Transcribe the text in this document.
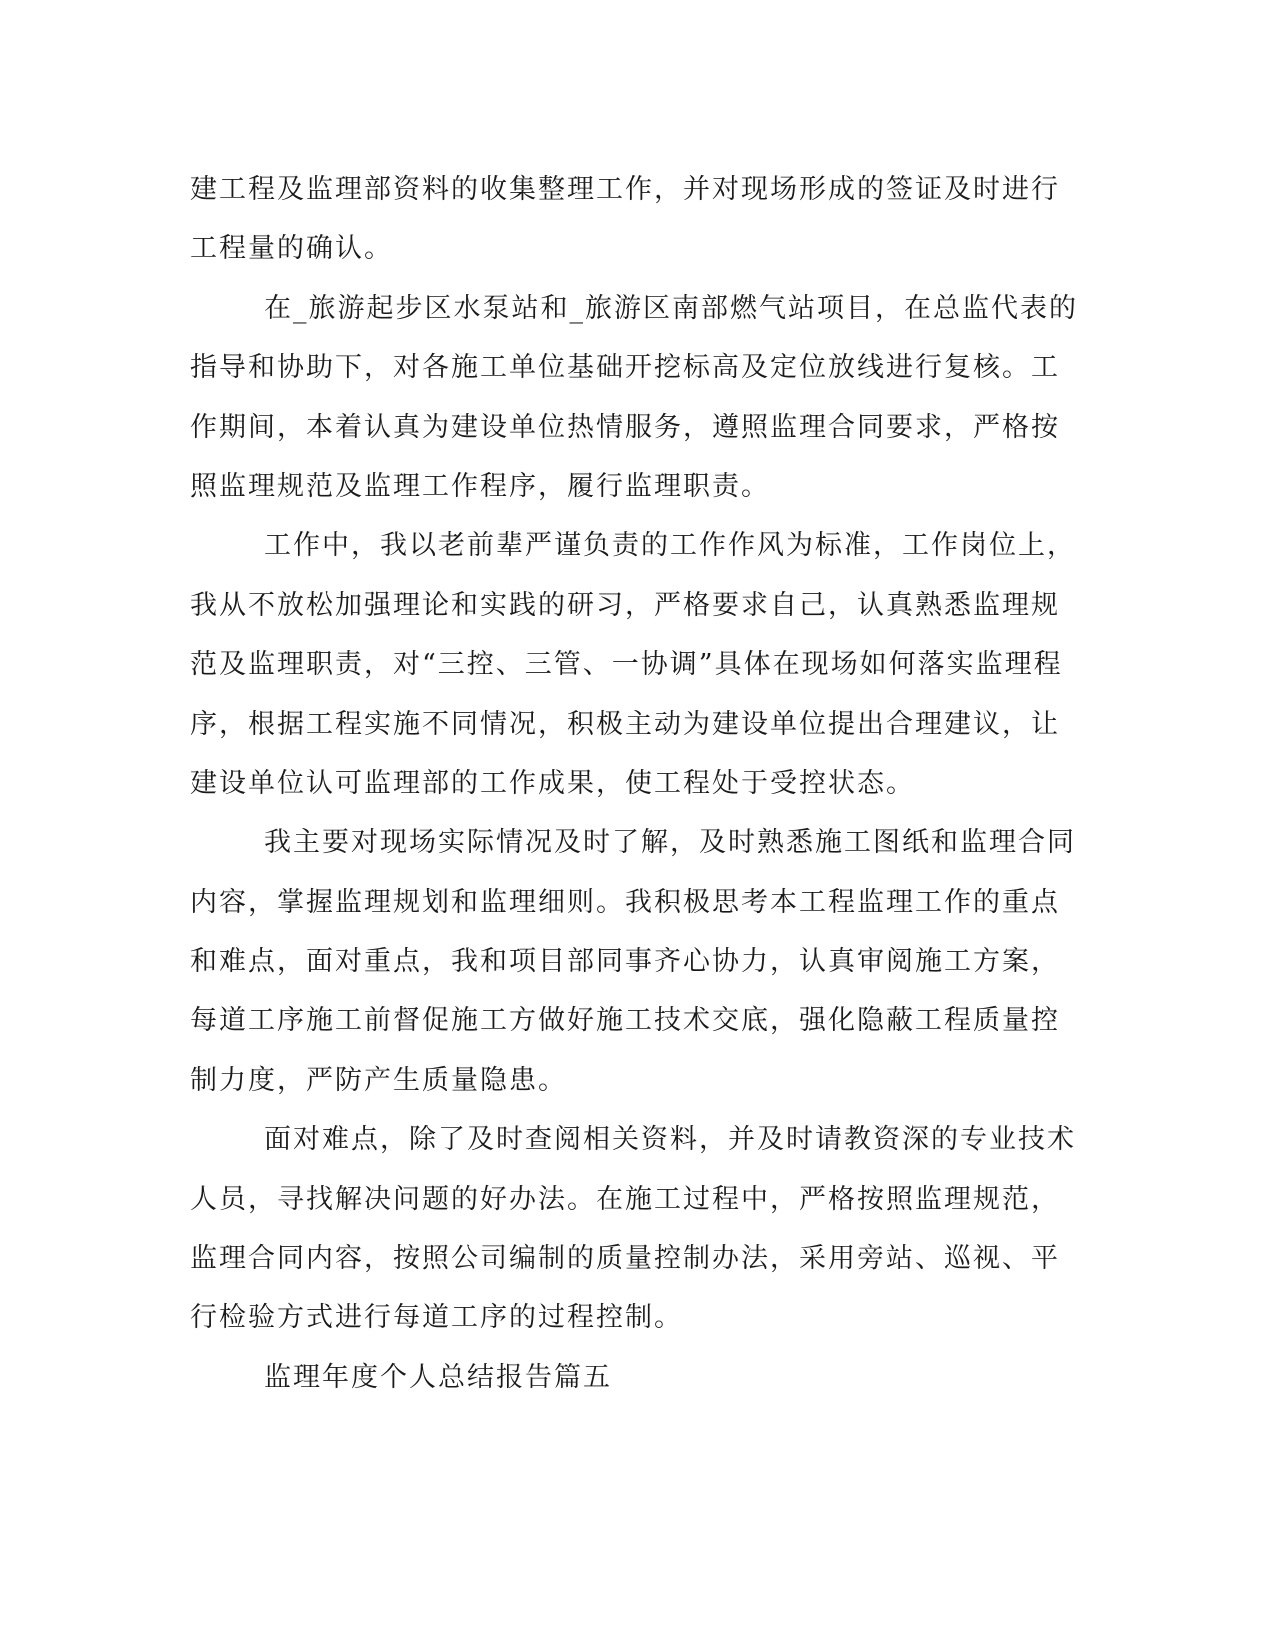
建工程及监理部资料的收集整理工作，并对现场形成的签证及时进行
工程量的确认。
在_旅游起步区水泵站和_旅游区南部燃气站项目，在总监代表的
指导和协助下，对各施工单位基础开挖标高及定位放线进行复核。工
作期间，本着认真为建设单位热情服务，遵照监理合同要求，严格按
照监理规范及监理工作程序，履行监理职责。
工作中，我以老前辈严谨负责的工作作风为标准，工作岗位上，
我从不放松加强理论和实践的研习，严格要求自己，认真熟悉监理规
范及监理职责，对“三控、三管、一协调”具体在现场如何落实监理程
序，根据工程实施不同情况，积极主动为建设单位提出合理建议，让
建设单位认可监理部的工作成果，使工程处于受控状态。
我主要对现场实际情况及时了解，及时熟悉施工图纸和监理合同
内容，掌握监理规划和监理细则。我积极思考本工程监理工作的重点
和难点，面对重点，我和项目部同事齐心协力，认真审阅施工方案，
每道工序施工前督促施工方做好施工技术交底，强化隐蔽工程质量控
制力度，严防产生质量隐患。
面对难点，除了及时查阅相关资料，并及时请教资深的专业技术
人员，寻找解决问题的好办法。在施工过程中，严格按照监理规范，
监理合同内容，按照公司编制的质量控制办法，采用旁站、巡视、平
行检验方式进行每道工序的过程控制。
监理年度个人总结报告篇五
